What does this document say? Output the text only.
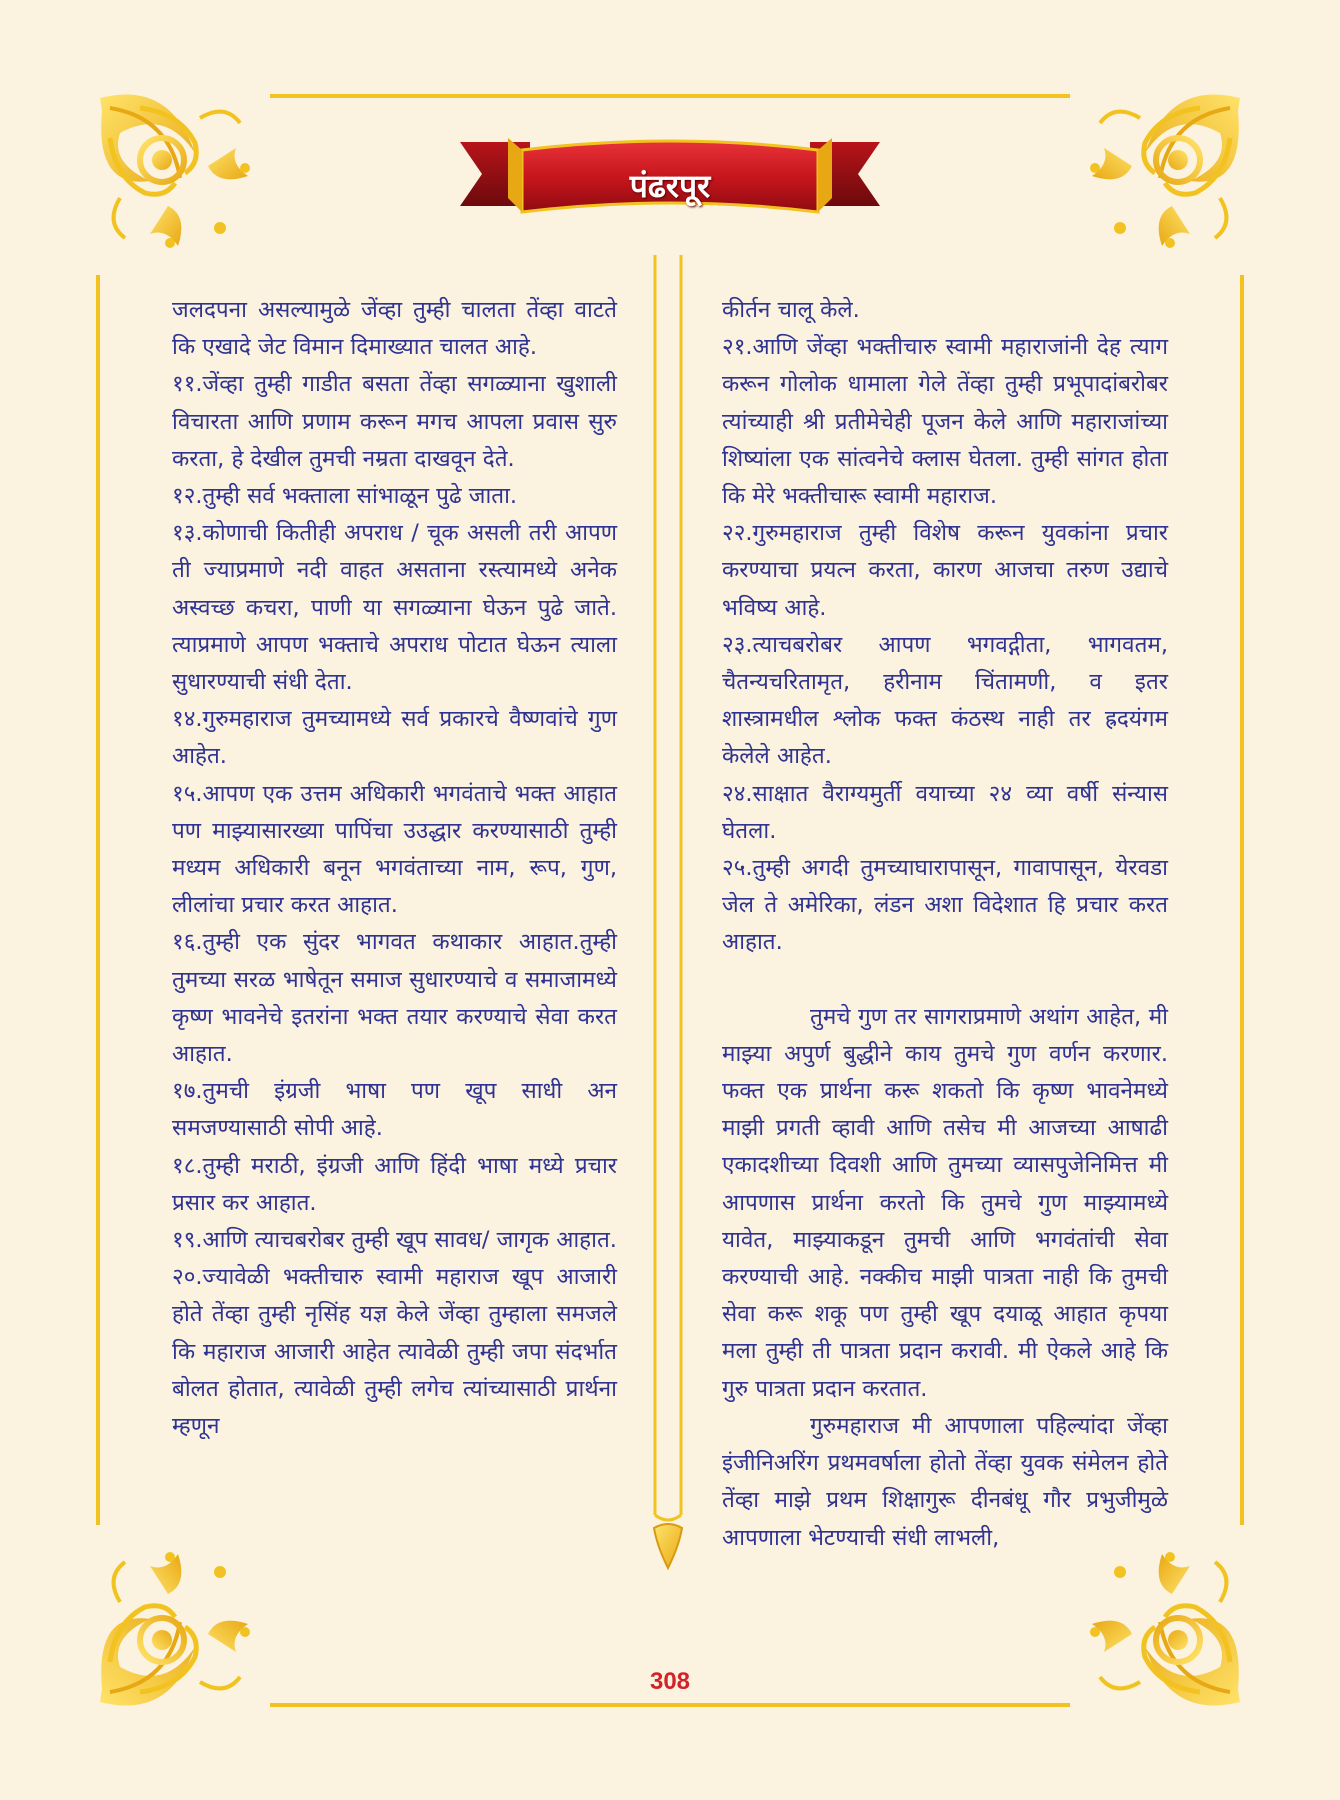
पंढरपूर

जलदपना असल्यामुळे जेंव्हा तुम्ही चालता तेंव्हा वाटते कि एखादे जेट विमान दिमाख्यात चालत आहे.

११.जेंव्हा तुम्ही गाडीत बसता तेंव्हा सगळ्याना खुशाली विचारता आणि प्रणाम करून मगच आपला प्रवास सुरु करता, हे देखील तुमची नम्रता दाखवून देते.

१२.तुम्ही सर्व भक्ताला सांभाळून पुढे जाता.

१३.कोणाची कितीही अपराध / चूक असली तरी आपण ती ज्याप्रमाणे नदी वाहत असताना रस्त्यामध्ये अनेक अस्वच्छ कचरा, पाणी या सगळ्याना घेऊन पुढे जाते. त्याप्रमाणे आपण भक्ताचे अपराध पोटात घेऊन त्याला सुधारण्याची संधी देता.

१४.गुरुमहाराज तुमच्यामध्ये सर्व प्रकारचे वैष्णवांचे गुण आहेत.

१५.आपण एक उत्तम अधिकारी भगवंताचे भक्त आहात पण माझ्यासारख्या पापिंचा उउद्धार करण्यासाठी तुम्ही मध्यम अधिकारी बनून भगवंताच्या नाम, रूप, गुण, लीलांचा प्रचार करत आहात.

१६.तुम्ही एक सुंदर भागवत कथाकार आहात.तुम्ही तुमच्या सरळ भाषेतून समाज सुधारण्याचे व समाजामध्ये कृष्ण भावनेचे इतरांना भक्त तयार करण्याचे सेवा करत आहात.

१७.तुमची इंग्रजी भाषा पण खूप साधी अन समजण्यासाठी सोपी आहे.

१८.तुम्ही मराठी, इंग्रजी आणि हिंदी भाषा मध्ये प्रचार प्रसार कर आहात.

१९.आणि त्याचबरोबर तुम्ही खूप सावध/ जागृक आहात.

२०.ज्यावेळी भक्तीचारु स्वामी महाराज खूप आजारी होते तेंव्हा तुम्ही नृसिंह यज्ञ केले जेंव्हा तुम्हाला समजले कि महाराज आजारी आहेत त्यावेळी तुम्ही जपा संदर्भात बोलत होतात, त्यावेळी तुम्ही लगेच त्यांच्यासाठी प्रार्थना म्हणून

कीर्तन चालू केले.

२१.आणि जेंव्हा भक्तीचारु स्वामी महाराजांनी देह त्याग करून गोलोक धामाला गेले तेंव्हा तुम्ही प्रभूपादांबरोबर त्यांच्याही श्री प्रतीमेचेही पूजन केले आणि महाराजांच्या शिष्यांला एक सांत्वनेचे क्लास घेतला. तुम्ही सांगत होता कि मेरे भक्तीचारू स्वामी महाराज.

२२.गुरुमहाराज तुम्ही विशेष करून युवकांना प्रचार करण्याचा प्रयत्न करता, कारण आजचा तरुण उद्याचे भविष्य आहे.

२३.त्याचबरोबर आपण भगवद्गीता, भागवतम, चैतन्यचरितामृत, हरीनाम चिंतामणी, व इतर शास्त्रामधील श्लोक फक्त कंठस्थ नाही तर ह्रदयंगम केलेले आहेत.

२४.साक्षात वैराग्यमुर्ती वयाच्या २४ व्या वर्षी संन्यास घेतला.

२५.तुम्ही अगदी तुमच्याघारापासून, गावापासून, येरवडा जेल ते अमेरिका, लंडन अशा विदेशात हि प्रचार करत आहात.

तुमचे गुण तर सागराप्रमाणे अथांग आहेत, मी माझ्या अपुर्ण बुद्धीने काय तुमचे गुण वर्णन करणार. फक्त एक प्रार्थना करू शकतो कि कृष्ण भावनेमध्ये माझी प्रगती व्हावी आणि तसेच मी आजच्या आषाढी एकादशीच्या दिवशी आणि तुमच्या व्यासपुजेनिमित्त मी आपणास प्रार्थना करतो कि तुमचे गुण माझ्यामध्ये यावेत, माझ्याकडून तुमची आणि भगवंतांची सेवा करण्याची आहे. नक्कीच माझी पात्रता नाही कि तुमची सेवा करू शकू पण तुम्ही खूप दयाळू आहात कृपया मला तुम्ही ती पात्रता प्रदान करावी. मी ऐकले आहे कि गुरु पात्रता प्रदान करतात.

गुरुमहाराज मी आपणाला पहिल्यांदा जेंव्हा इंजीनिअरिंग प्रथमवर्षाला होतो तेंव्हा युवक संमेलन होते तेंव्हा माझे प्रथम शिक्षागुरू दीनबंधू गौर प्रभुजीमुळे आपणाला भेटण्याची संधी लाभली,

308
